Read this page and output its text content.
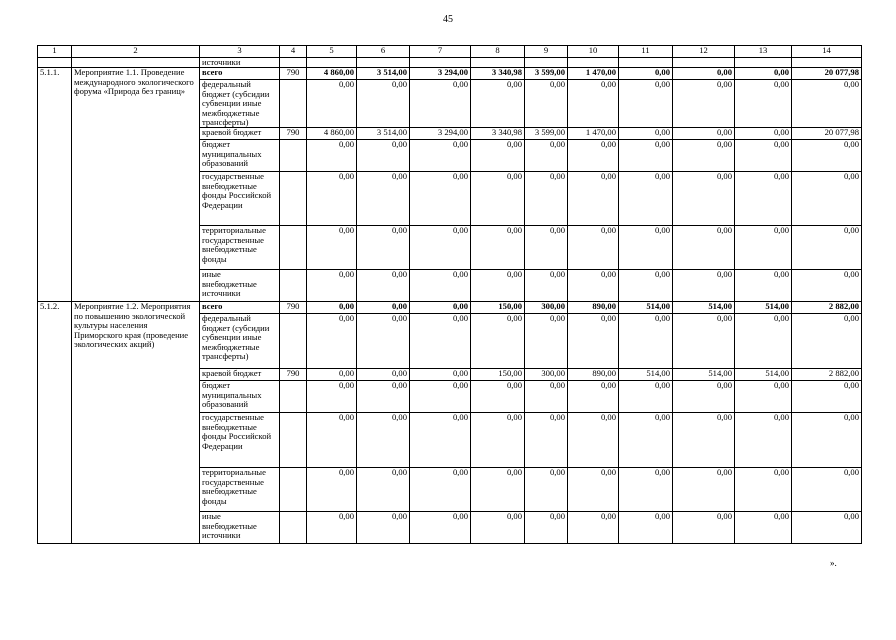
45
1	2	3	4	5	6	7	8	9	10	11	12	13	14
		источники											
5.1.1.	Мероприятие 1.1. Проведение международного экологического форума «Природа без границ»	всего	790	4 860,00	3 514,00	3 294,00	3 340,98	3 599,00	1 470,00	0,00	0,00	0,00	20 077,98
		федеральный бюджет (субсидии субвенции иные межбюджетные трансферты)		0,00	0,00	0,00	0,00	0,00	0,00	0,00	0,00	0,00	0,00
		краевой бюджет	790	4 860,00	3 514,00	3 294,00	3 340,98	3 599,00	1 470,00	0,00	0,00	0,00	20 077,98
		бюджет муниципальных образований		0,00	0,00	0,00	0,00	0,00	0,00	0,00	0,00	0,00	0,00
		государственные внебюджетные фонды Российской Федерации		0,00	0,00	0,00	0,00	0,00	0,00	0,00	0,00	0,00	0,00
		территориальные государственные внебюджетные фонды		0,00	0,00	0,00	0,00	0,00	0,00	0,00	0,00	0,00	0,00
		иные внебюджетные источники		0,00	0,00	0,00	0,00	0,00	0,00	0,00	0,00	0,00	0,00
5.1.2.	Мероприятие 1.2. Мероприятия по повышению экологической культуры населения Приморского края (проведение экологических акций)	всего	790	0,00	0,00	0,00	150,00	300,00	890,00	514,00	514,00	514,00	2 882,00
		федеральный бюджет (субсидии субвенции иные межбюджетные трансферты)		0,00	0,00	0,00	0,00	0,00	0,00	0,00	0,00	0,00	0,00
		краевой бюджет	790	0,00	0,00	0,00	150,00	300,00	890,00	514,00	514,00	514,00	2 882,00
		бюджет муниципальных образований		0,00	0,00	0,00	0,00	0,00	0,00	0,00	0,00	0,00	0,00
		государственные внебюджетные фонды Российской Федерации		0,00	0,00	0,00	0,00	0,00	0,00	0,00	0,00	0,00	0,00
		территориальные государственные внебюджетные фонды		0,00	0,00	0,00	0,00	0,00	0,00	0,00	0,00	0,00	0,00
		иные внебюджетные источники		0,00	0,00	0,00	0,00	0,00	0,00	0,00	0,00	0,00	0,00
».
